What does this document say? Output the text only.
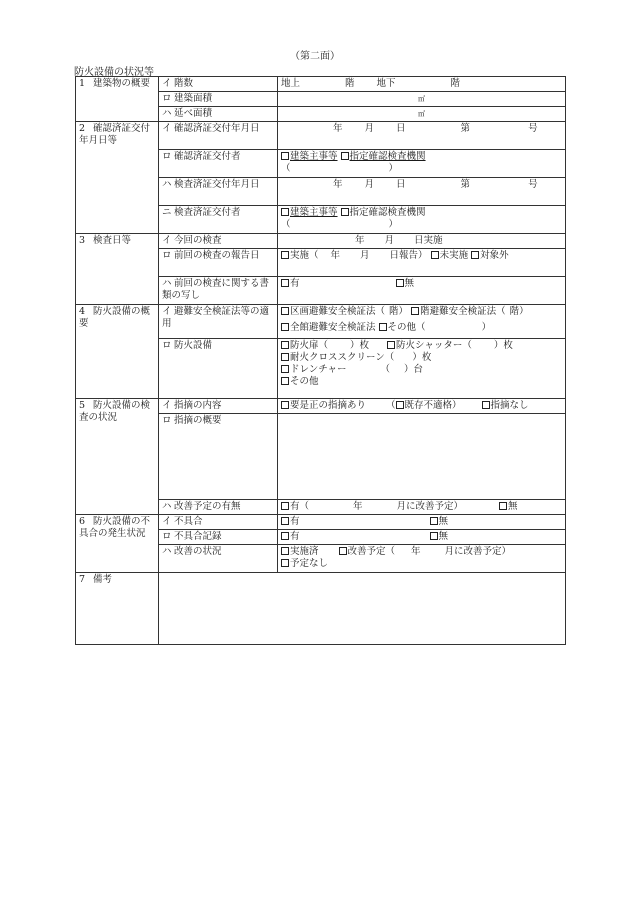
（第二面）
防火設備の状況等
1 建築物の概要	イ 階数	地上 階 地下 階
	ロ 建築面積	㎡
	ハ 延べ面積	㎡
2 確認済証交付年月日等	イ 確認済証交付年月日	年 月 日 第 号
	ロ 確認済証交付者	建築主事等 指定確認検査機関
（ ）

	ハ 検査済証交付年月日	年 月 日 第 号
	ニ 検査済証交付者	建築主事等 指定確認検査機関
（ ）

3 検査日等	イ 今回の検査	年 月 日実施
	ロ 前回の検査の報告日	実施（ 年 月 日報告） 未実施 対象外

	ハ 前回の検査に関する書類の写し	有 無
4 防火設備の概要	イ 避難安全検証法等の適用	区画避難安全検証法（ 階） 階避難安全検証法（ 階）
全館避難安全検証法 その他（ ）

	ロ 防火設備	防火扉（ ）枚 防火シャッター（ ）枚
耐火クロススクリーン（ ）枚
ドレンチャー （ ）台
その他

5 防火設備の検査の状況	イ 指摘の内容	要是正の指摘あり （ 既存不適格） 指摘なし
	ロ 指摘の概要	
	ハ 改善予定の有無	有（ 年 月に改善予定） 無
6 防火設備の不具合の発生状況	イ 不具合	有 無
	ロ 不具合記録	有 無
	ハ 改善の状況	実施済 改善予定（ 年 月に改善予定）
予定なし

7 備考		
